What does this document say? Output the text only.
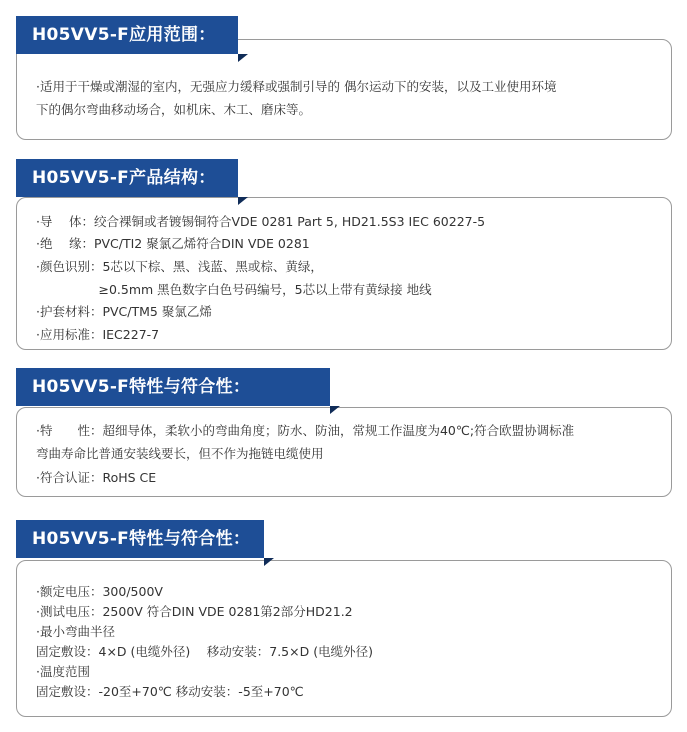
H05VV5-F应用范围：
·适用于干燥或潮湿的室内，无强应力缓释或强制引导的 偶尔运动下的安装，以及工业使用环境
下的偶尔弯曲移动场合，如机床、木工、磨床等。
H05VV5-F产品结构：
·导　 体：绞合裸铜或者镀锡铜符合VDE 0281 Part 5, HD21.5S3 IEC 60227-5
·绝　 缘：PVC/TI2 聚氯乙烯符合DIN VDE 0281
·颜色识别：5芯以下棕、黑、浅蓝、黑或棕、黄绿，
　　　　　≥0.5mm 黑色数字白色号码编号，5芯以上带有黄绿接 地线
·护套材料：PVC/TM5 聚氯乙烯
·应用标准：IEC227-7
H05VV5-F特性与符合性：
·特　　性：超细导体，柔软小的弯曲角度；防水、防油，常规工作温度为40℃;符合欧盟协调标准
弯曲寿命比普通安装线要长，但不作为拖链电缆使用
·符合认证：RoHS CE
H05VV5-F特性与符合性：
·额定电压：300/500V
·测试电压：2500V 符合DIN VDE 0281第2部分HD21.2
·最小弯曲半径
固定敷设：4×D (电缆外径)　 移动安装：7.5×D (电缆外径)
·温度范围
固定敷设：-20至+70℃ 移动安装：-5至+70℃
